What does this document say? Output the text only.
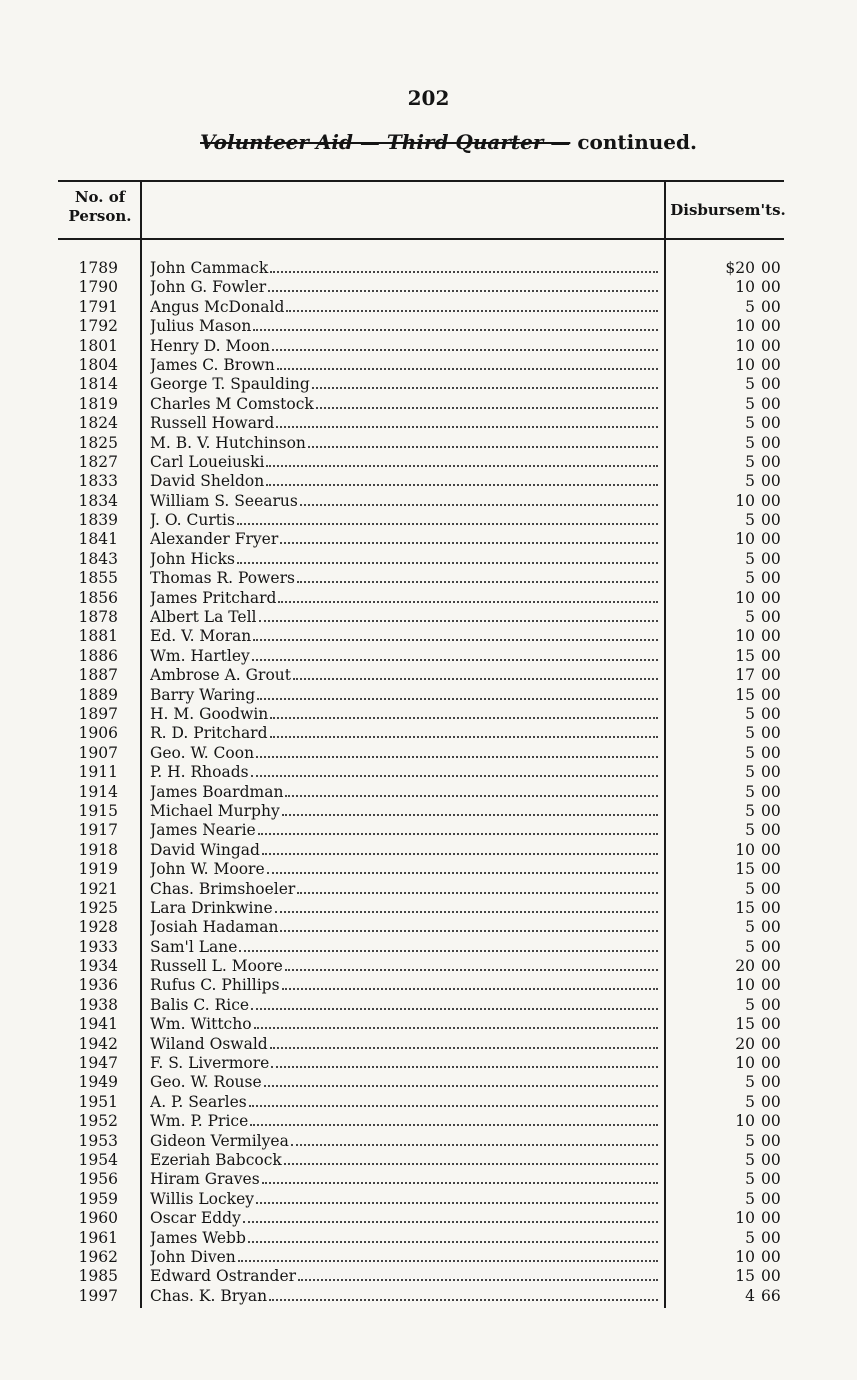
202
Volunteer Aid — Third Quarter — continued.
No. of
Person.	Disbursem'ts.
1789 John Cammack	$20 00
1790 John G. Fowler	10 00
1791 Angus McDonald	5 00
1792 Julius Mason	10 00
1801 Henry D. Moon	10 00
1804 James C. Brown	10 00
1814 George T. Spaulding	5 00
1819 Charles M Comstock	5 00
1824 Russell Howard	5 00
1825 M. B. V. Hutchinson	5 00
1827 Carl Loueiuski	5 00
1833 David Sheldon	5 00
1834 William S. Seearus	10 00
1839 J. O. Curtis	5 00
1841 Alexander Fryer	10 00
1843 John Hicks	5 00
1855 Thomas R. Powers	5 00
1856 James Pritchard	10 00
1878 Albert La Tell	5 00
1881 Ed. V. Moran	10 00
1886 Wm. Hartley	15 00
1887 Ambrose A. Grout	17 00
1889 Barry Waring	15 00
1897 H. M. Goodwin	5 00
1906 R. D. Pritchard	5 00
1907 Geo. W. Coon	5 00
1911 P. H. Rhoads	5 00
1914 James Boardman	5 00
1915 Michael Murphy	5 00
1917 James Nearie	5 00
1918 David Wingad	10 00
1919 John W. Moore	15 00
1921 Chas. Brimshoeler	5 00
1925 Lara Drinkwine	15 00
1928 Josiah Hadaman	5 00
1933 Sam'l Lane	5 00
1934 Russell L. Moore	20 00
1936 Rufus C. Phillips	10 00
1938 Balis C. Rice	5 00
1941 Wm. Wittcho	15 00
1942 Wiland Oswald	20 00
1947 F. S. Livermore	10 00
1949 Geo. W. Rouse	5 00
1951 A. P. Searles	5 00
1952 Wm. P. Price	10 00
1953 Gideon Vermilyea	5 00
1954 Ezeriah Babcock	5 00
1956 Hiram Graves	5 00
1959 Willis Lockey	5 00
1960 Oscar Eddy	10 00
1961 James Webb	5 00
1962 John Diven	10 00
1985 Edward Ostrander	15 00
1997 Chas. K. Bryan	4 66
